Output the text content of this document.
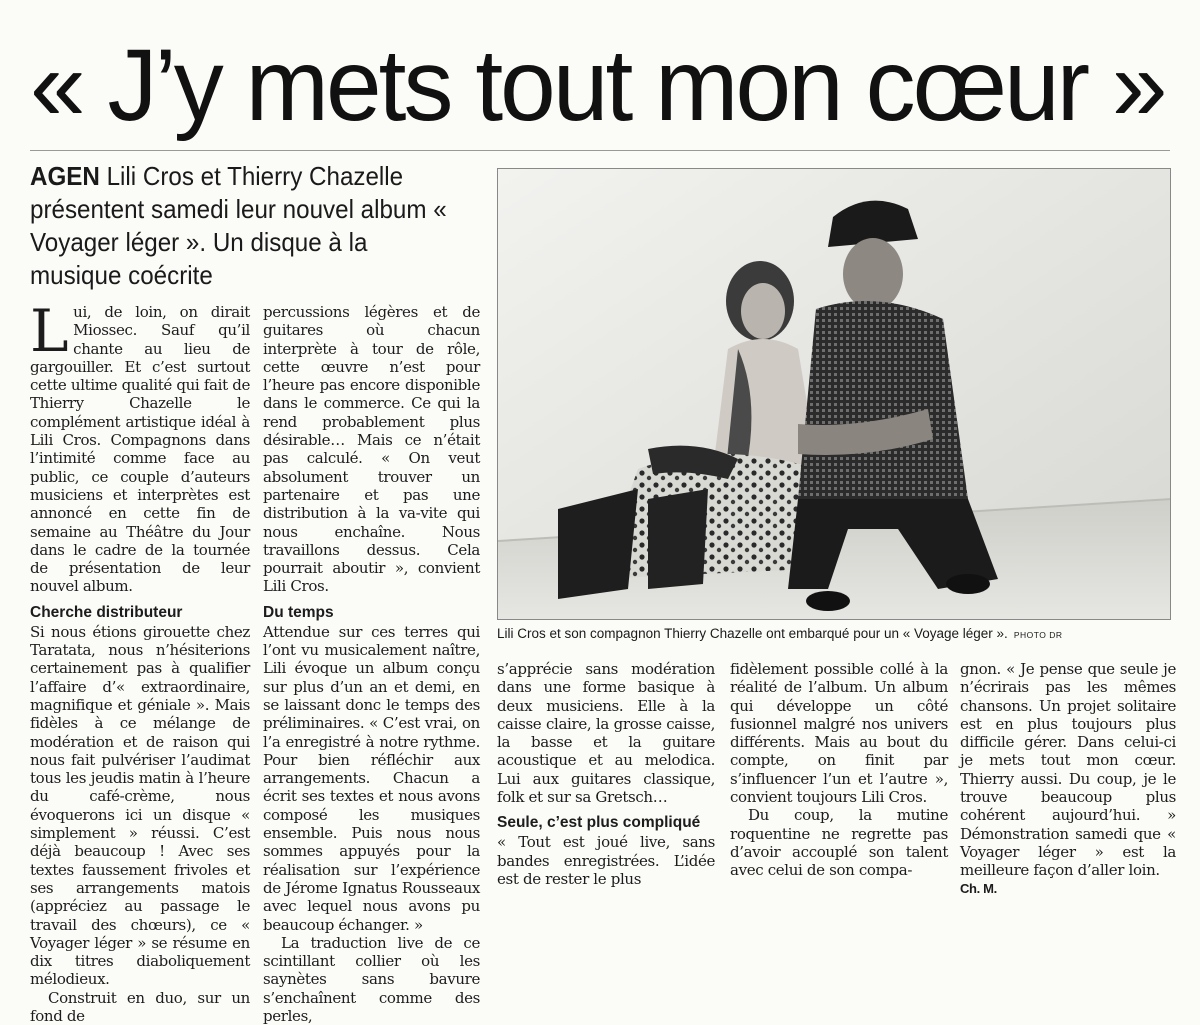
« J’y mets tout mon cœur »
AGEN Lili Cros et Thierry Chazelle présentent samedi leur nouvel album « Voyager léger ». Un disque à la musique coécrite

Lui, de loin, on dirait Miossec. Sauf qu’il chante au lieu de gargouiller. Et c’est surtout cette ultime qualité qui fait de Thierry Chazelle le complément artistique idéal à Lili Cros. Compagnons dans l’intimité comme face au public, ce couple d’auteurs musiciens et interprètes est annoncé en cette fin de semaine au Théâtre du Jour dans le cadre de la tournée de présentation de leur nouvel album.

Cherche distributeur

Si nous étions girouette chez Taratata, nous n’hésiterions certainement pas à qualifier l’affaire d’« extraordinaire, magnifique et géniale ». Mais fidèles à ce mélange de modération et de raison qui nous fait pulvériser l’audimat tous les jeudis matin à l’heure du café-crème, nous évoquerons ici un disque « simplement » réussi. C’est déjà beaucoup ! Avec ses textes faussement frivoles et ses arrangements matois (appréciez au passage le travail des chœurs), ce « Voyager léger » se résume en dix titres diaboliquement mélodieux.

Construit en duo, sur un fond de

percussions légères et de guitares où chacun interprète à tour de rôle, cette œuvre n’est pour l’heure pas encore disponible dans le commerce. Ce qui la rend probablement plus désirable… Mais ce n’était pas calculé. « On veut absolument trouver un partenaire et pas une distribution à la va-vite qui nous enchaîne. Nous travaillons dessus. Cela pourrait aboutir », convient Lili Cros.

Du temps

Attendue sur ces terres qui l’ont vu musicalement naître, Lili évoque un album conçu sur plus d’un an et demi, en se laissant donc le temps des préliminaires. « C’est vrai, on l’a enregistré à notre rythme. Pour bien réfléchir aux arrangements. Chacun a écrit ses textes et nous avons composé les musiques ensemble. Puis nous nous sommes appuyés pour la réalisation sur l’expérience de Jérome Ignatus Rousseaux avec lequel nous avons pu beaucoup échanger. »

La traduction live de ce scintillant collier où les saynètes sans bavure s’enchaînent comme des perles,

Lili Cros et son compagnon Thierry Chazelle ont embarqué pour un « Voyage léger ». PHOTO DR

s’apprécie sans modération dans une forme basique à deux musiciens. Elle à la caisse claire, la grosse caisse, la basse et la guitare acoustique et au melodica. Lui aux guitares classique, folk et sur sa Gretsch…

Seule, c’est plus compliqué

« Tout est joué live, sans bandes enregistrées. L’idée est de rester le plus

fidèlement possible collé à la réalité de l’album. Un album qui développe un côté fusionnel malgré nos univers différents. Mais au bout du compte, on finit par s’influencer l’un et l’autre », convient toujours Lili Cros.

Du coup, la mutine roquentine ne regrette pas d’avoir accouplé son talent avec celui de son compa-

gnon. « Je pense que seule je n’écrirais pas les mêmes chansons. Un projet solitaire est en plus toujours plus difficile gérer. Dans celui-ci je mets tout mon cœur. Thierry aussi. Du coup, je le trouve beaucoup plus cohérent aujourd’hui. » Démonstration samedi que « Voyager léger » est la meilleure façon d’aller loin.

Ch. M.
